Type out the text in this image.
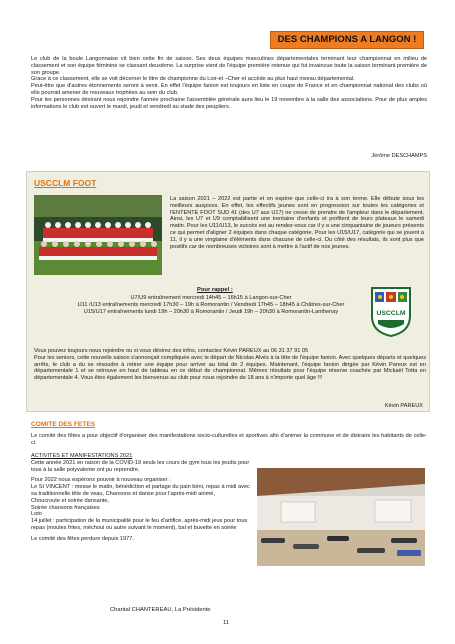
DES CHAMPIONS A LANGON !

Le club de la boule Langonnaise vit bien cette fin de saison. Ses deux équipes masculines départementales terminant leur championnat en milieu de classement et son équipe féminine se classant deuxième. La surprise vient de l'équipe première retenue qui fut invaincue toute la saison terminant première de son groupe.

Grace à ce classement, elle se voit décerner le titre de championne du Loir-et –Cher et accède au plus haut niveau départemental.

Peut-être que d'autres étonnements seront à venir. En effet l'équipe fanion est toujours en liste en coupe de France et en championnat national des clubs où elle pourrait amener de nouveaux trophées au sein du club.

Pour les personnes désirant nous rejoindre l'année prochaine l'assemblée générale aura lieu le 19 novembre à la salle des associations. Pour de plus amples informations le club est ouvert le mardi, jeudi et vendredi au stade des peupliers.

Jérôme DESCHAMPS
USCCLM FOOT

La saison 2021 – 2022 est partie et on espère que celle-ci ira à son terme. Elle débute sous les meilleurs auspices. En effet, les effectifs jeunes sont en progression sur toutes les catégories et l'ENTENTE FOOT SUD 41 (des U7 aux U17) ne cesse de prendre de l'ampleur dans le département. Ainsi, les U7 et U9 comptabilisent une trentaine d'enfants et profitent de leurs plateaux le samedi matin. Pour les U11/U13, le succès est au rendez-vous car il y a une cinquantaine de joueurs présents ce qui permet d'aligner 2 équipes dans chaque catégorie. Pour les U15/U17, catégorie qui se jouent à 11, il y a une vingtaine d'éléments dans chacune de celle-ci. Du côté des résultats, ils sont plus que positifs car de nombreuses victoires sont à mettre à l'actif de nos jeunes.

Pour rappel :

U7/U9 entraînement mercredi 14h45 – 16h15 à Langon-sur-Cher

U11 /U13 entraînements mercredi 17h30 – 19h à Romorantin / Vendredi 17h45 – 18h45 à Châtres-sur-Cher

U15/U17 entraînements lundi 19h – 20h30 à Romorantin / Jeudi 19h – 20h30 à Romorantin-Lanthenay	USCCLM

Vous pouvez toujours nous rejoindre ou si vous désirez des infos, contactez Kévin PAREUX au 06 31 37 91 05

Pour les seniors, cette nouvelle saison s'annonçait compliquée avec le départ de Nicolas Alvès à la tête de l'équipe fanion. Avec quelques départs et quelques arrêts, le club a du se résoudre à retirer une équipe pour arriver au total de 2 équipes. Maintenant, l'équipe fanion dirigée par Kévin Pareux est en départementale 1 et se retrouve en haut de tableau en ce début de championnat. Mêmes résultats pour l'équipe réserve coachée par Mickaël Totta en départementale 4. Vous êtes également les bienvenus au club pour nous rejoindre de 18 ans à n'importe quel âge !!!

Kévin PAREUX
COMITE DES FETES

Le comité des fêtes a pour objectif d'organiser des manifestations socio-culturelles et sportives afin d'animer la commune et de distraire les habitants de celle-ci.

ACTIVITES ET MANIFESTATIONS 2021

Cette année 2021 en raison de la COVID-19 seuls les cours de gym tous les jeudis pour tous à la salle polyvalente ont pu reprendre.

Pour 2022 nous espérons pouvoir à nouveau organiser :

Le St VINCENT : messe le matin, bénédiction et partage du pain béni, repas à midi avec sa traditionnelle tête de veau, Chansons et danse pour l'après-midi animé,

Choucroute et soirée dansante,

Soirée chansons françaises

Loto

14 juillet : participation de la municipalité pour le feu d'artifice, après-midi jeux pour tous repas (moules frites, méchoui ou autre suivant le moment), bal et buvette en soirée

Le comité des fêtes perdure depuis 1977.

Chantal CHANTEREAU, La Présidente
11
